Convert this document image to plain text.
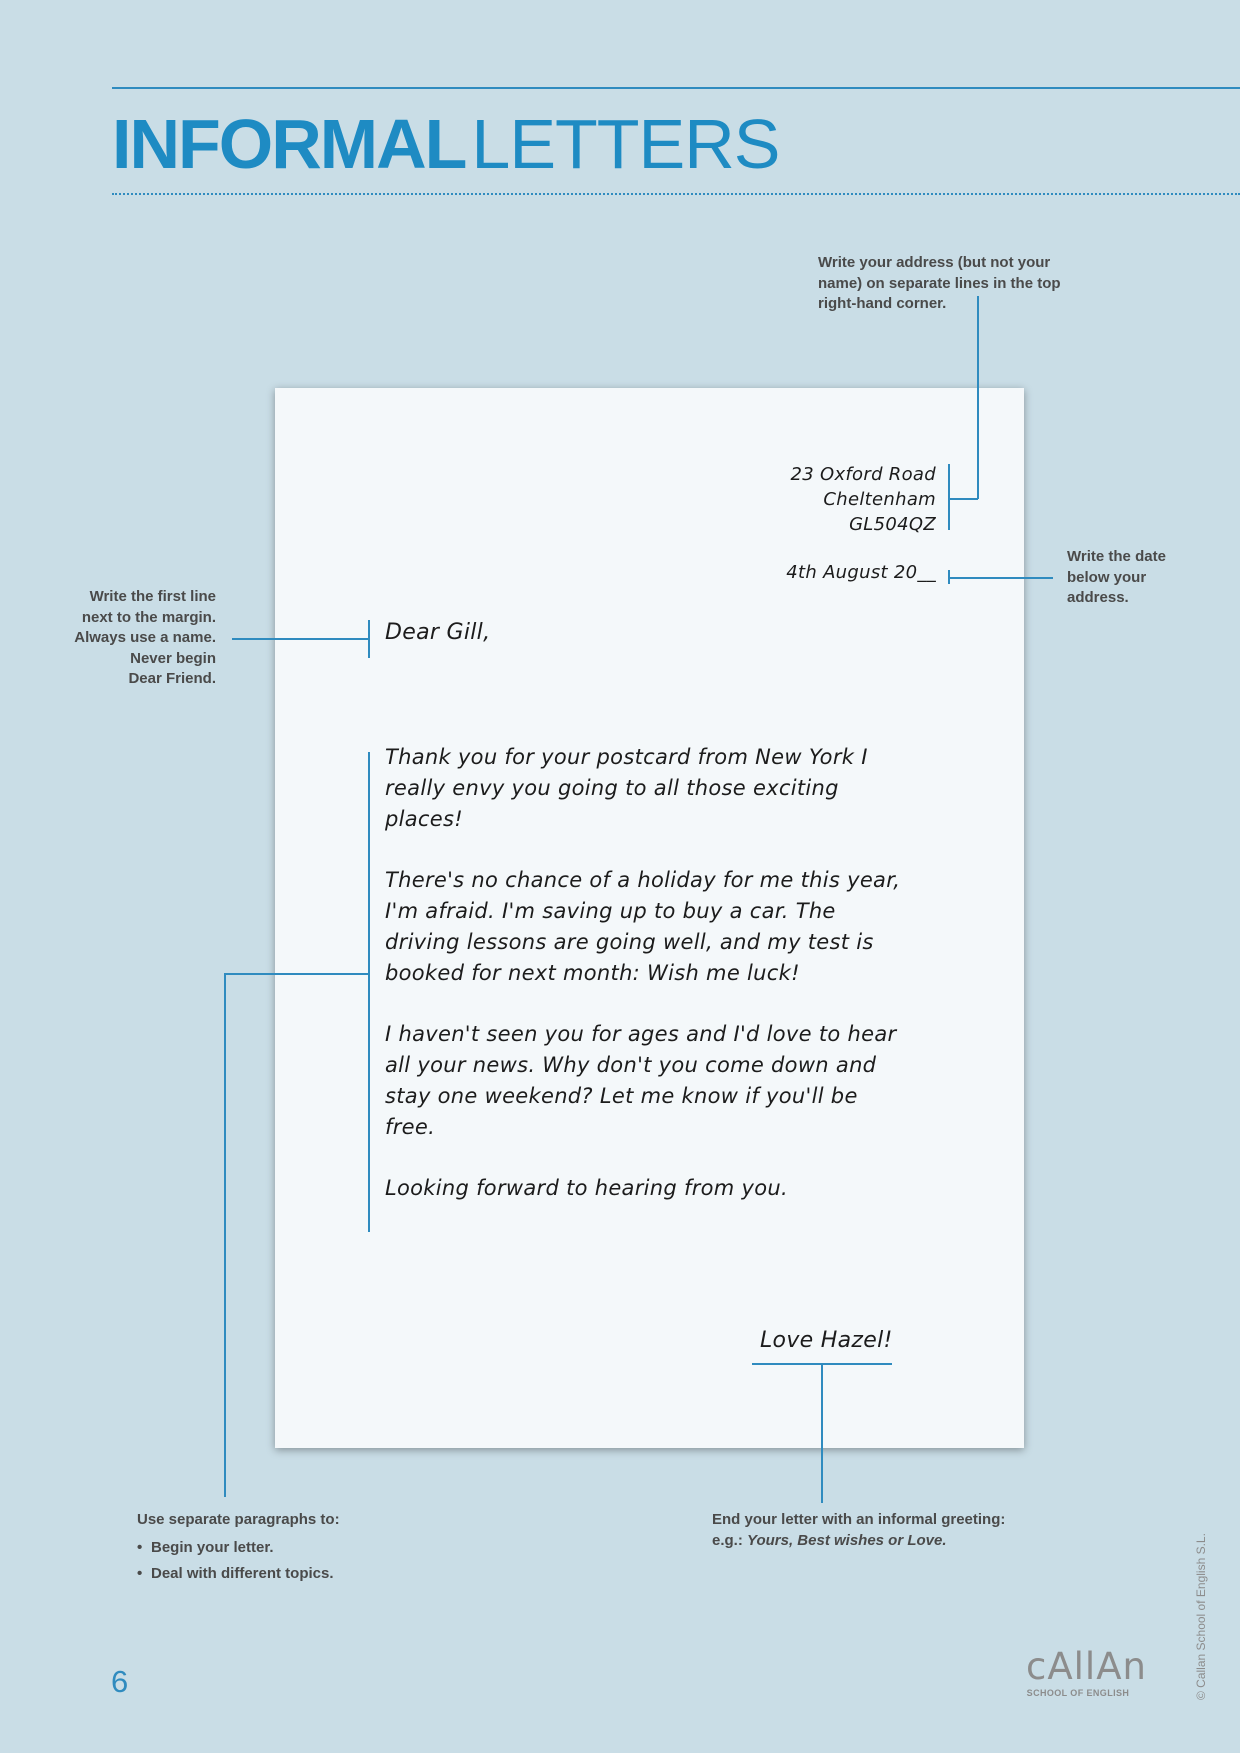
INFORMALLETTERS
Write your address (but not your name) on separate lines in the top right-hand corner.
Write the date below your address.
Write the first line
next to the margin.
Always use a name.
Never begin
Dear Friend.
Use separate paragraphs to:
• Begin your letter.
• Deal with different topics.
End your letter with an informal greeting:
e.g.: Yours, Best wishes or Love.
23 Oxford Road
Cheltenham
GL504QZ
4th August 20__
Dear Gill,

Thank you for your postcard from New York I really envy you going to all those exciting places!

There's no chance of a holiday for me this year, I'm afraid. I'm saving up to buy a car. The driving lessons are going well, and my test is booked for next month: Wish me luck!

I haven't seen you for ages and I'd love to hear all your news. Why don't you come down and stay one weekend? Let me know if you'll be free.

Looking forward to hearing from you.

Love Hazel!
6	cAllAn
SCHOOL OF ENGLISH	© Callan School of English S.L.
